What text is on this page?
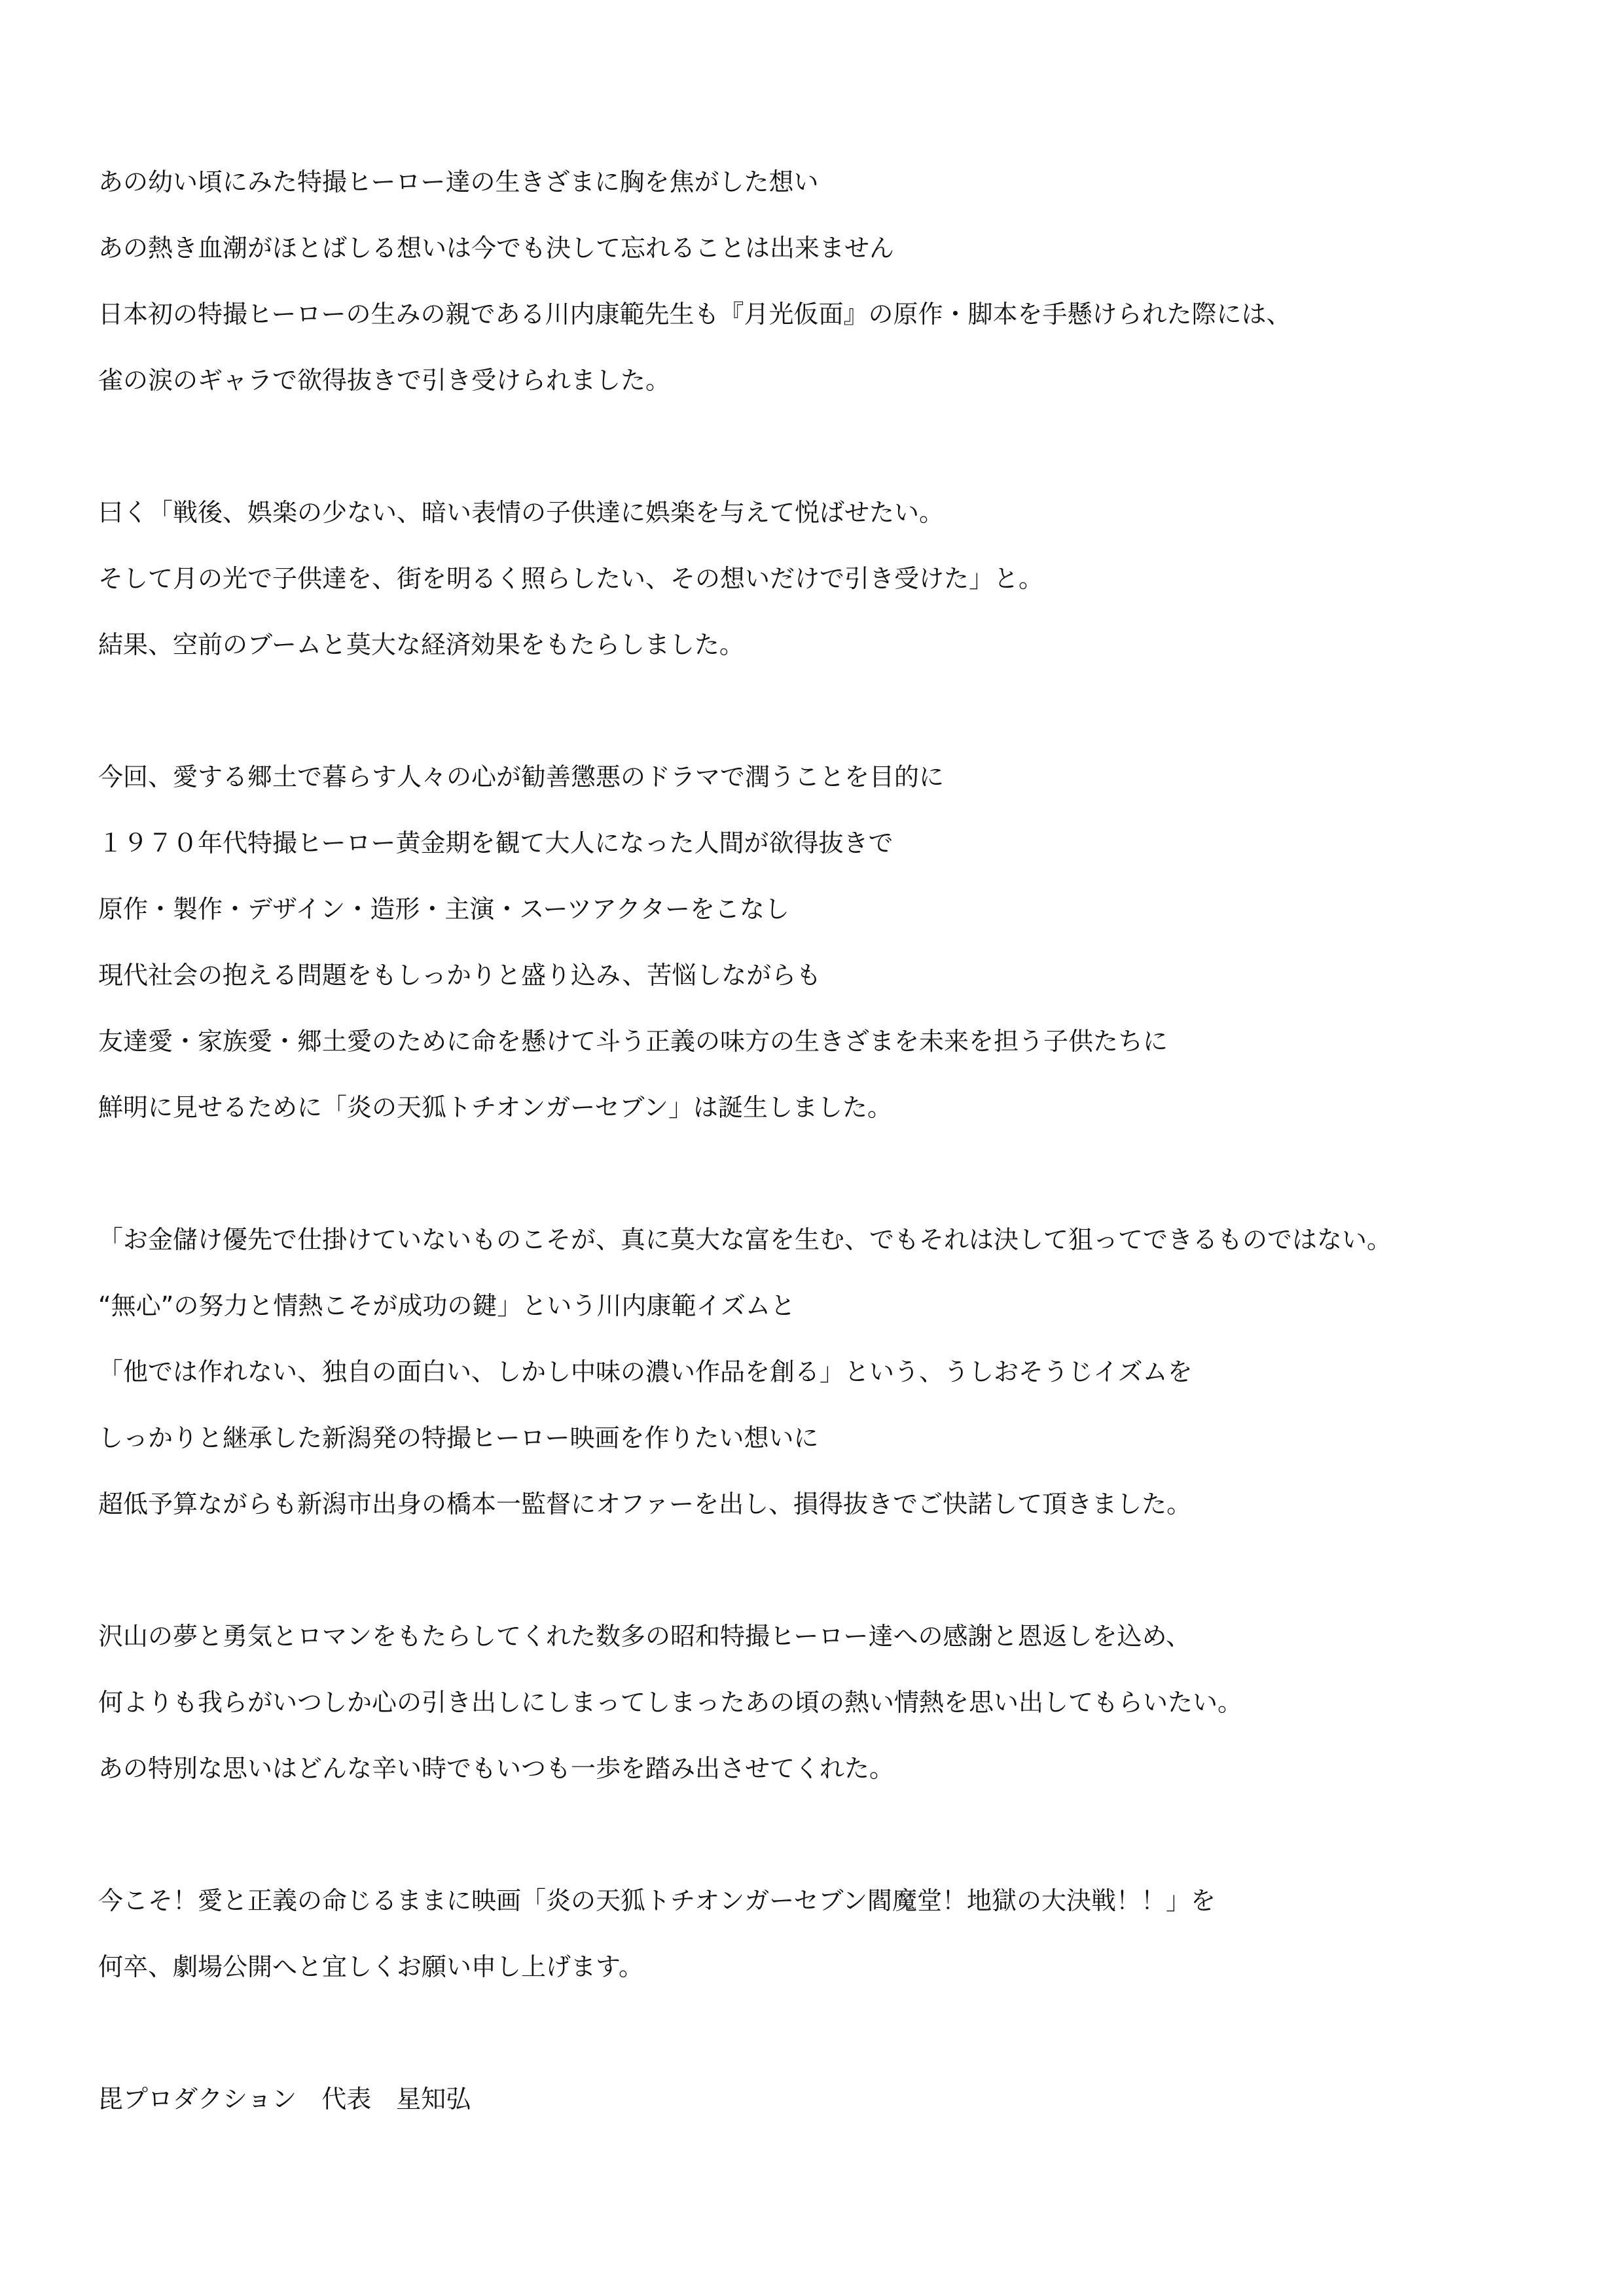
あの幼い頃にみた特撮ヒーロー達の生きざまに胸を焦がした想い
あの熱き血潮がほとばしる想いは今でも決して忘れることは出来ません
日本初の特撮ヒーローの生みの親である川内康範先生も『月光仮面』の原作・脚本を手懸けられた際には、
雀の涙のギャラで欲得抜きで引き受けられました。
曰く「戦後、娯楽の少ない、暗い表情の子供達に娯楽を与えて悦ばせたい。
そして月の光で子供達を、街を明るく照らしたい、その想いだけで引き受けた」と。
結果、空前のブームと莫大な経済効果をもたらしました。
今回、愛する郷土で暮らす人々の心が勧善懲悪のドラマで潤うことを目的に
１９７０年代特撮ヒーロー黄金期を観て大人になった人間が欲得抜きで
原作・製作・デザイン・造形・主演・スーツアクターをこなし
現代社会の抱える問題をもしっかりと盛り込み、苦悩しながらも
友達愛・家族愛・郷土愛のために命を懸けて斗う正義の味方の生きざまを未来を担う子供たちに
鮮明に見せるために「炎の天狐トチオンガーセブン」は誕生しました。
「お金儲け優先で仕掛けていないものこそが、真に莫大な富を生む、でもそれは決して狙ってできるものではない。
“無心”の努力と情熱こそが成功の鍵」という川内康範イズムと
「他では作れない、独自の面白い、しかし中味の濃い作品を創る」という、うしおそうじイズムを
しっかりと継承した新潟発の特撮ヒーロー映画を作りたい想いに
超低予算ながらも新潟市出身の橋本一監督にオファーを出し、損得抜きでご快諾して頂きました。
沢山の夢と勇気とロマンをもたらしてくれた数多の昭和特撮ヒーロー達への感謝と恩返しを込め、
何よりも我らがいつしか心の引き出しにしまってしまったあの頃の熱い情熱を思い出してもらいたい。
あの特別な思いはどんな辛い時でもいつも一歩を踏み出させてくれた。
今こそ！愛と正義の命じるままに映画「炎の天狐トチオンガーセブン閻魔堂！地獄の大決戦！！」を
何卒、劇場公開へと宜しくお願い申し上げます。
毘プロダクション　代表　星知弘
